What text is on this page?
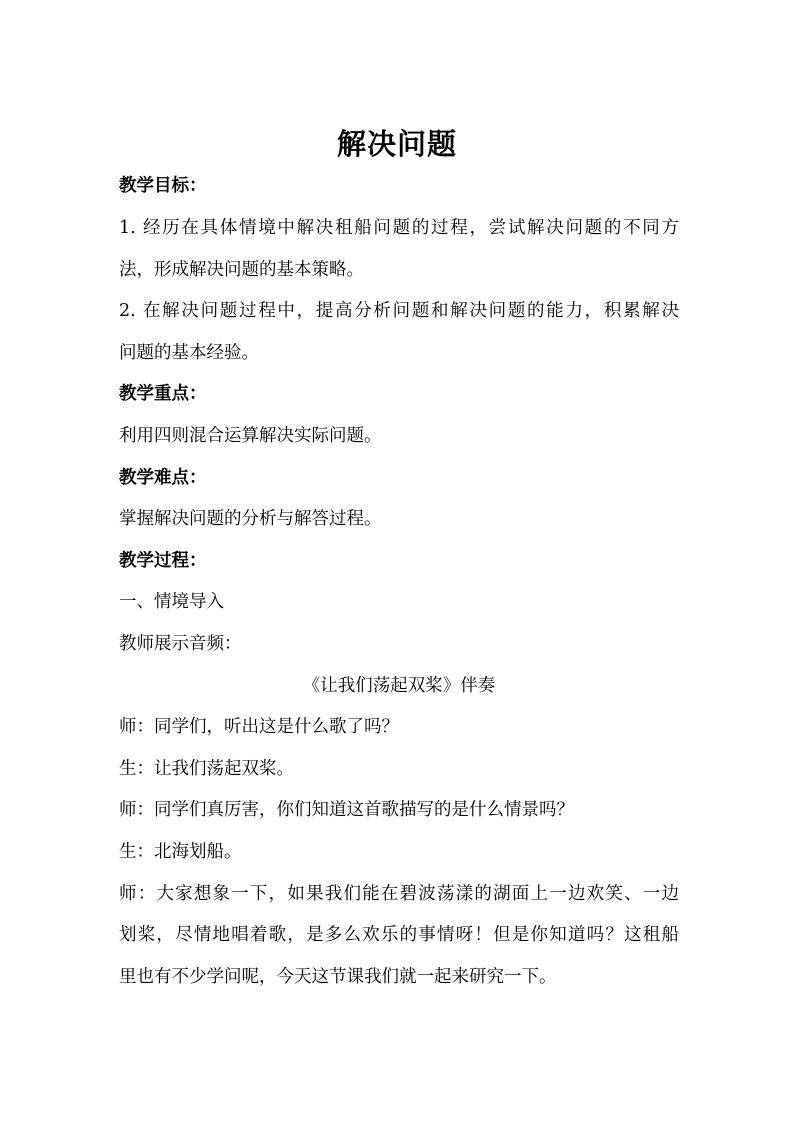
解决问题
教学目标：
1. 经历在具体情境中解决租船问题的过程，尝试解决问题的不同方
法，形成解决问题的基本策略。
2. 在解决问题过程中，提高分析问题和解决问题的能力，积累解决
问题的基本经验。
教学重点：
利用四则混合运算解决实际问题。
教学难点：
掌握解决问题的分析与解答过程。
教学过程：
一、情境导入
教师展示音频：
《让我们荡起双桨》伴奏
师：同学们，听出这是什么歌了吗？
生：让我们荡起双桨。
师：同学们真厉害，你们知道这首歌描写的是什么情景吗？
生：北海划船。
师：大家想象一下，如果我们能在碧波荡漾的湖面上一边欢笑、一边
划桨，尽情地唱着歌，是多么欢乐的事情呀！但是你知道吗？这租船
里也有不少学问呢，今天这节课我们就一起来研究一下。
